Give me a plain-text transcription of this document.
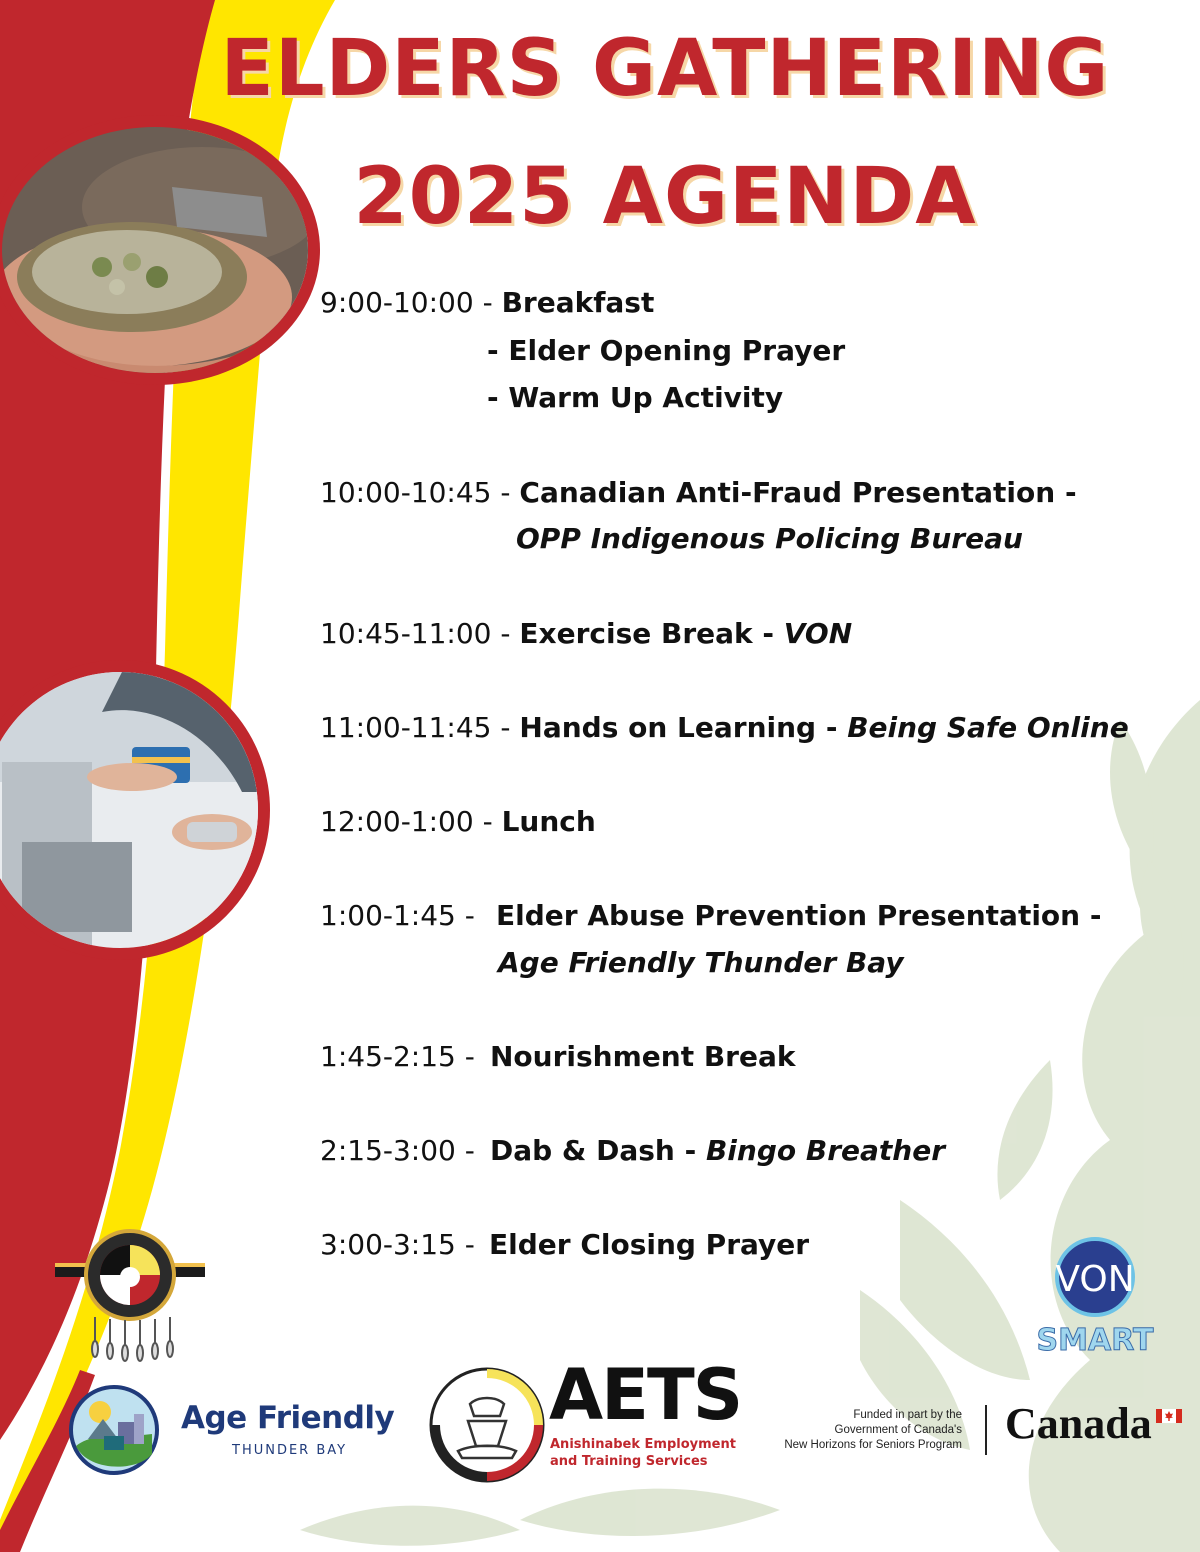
ELDERS GATHERING
2025 AGENDA
9:00-10:00 - Breakfast
- Elder Opening Prayer
- Warm Up Activity
10:00-10:45 - Canadian Anti-Fraud Presentation -
OPP Indigenous Policing Bureau
10:45-11:00 - Exercise Break - VON
11:00-11:45 - Hands on Learning - Being Safe Online
12:00-1:00 - Lunch
1:00-1:45 -Elder Abuse Prevention Presentation -
Age Friendly Thunder Bay
1:45-2:15 -Nourishment Break
2:15-3:00 -Dab & Dash - Bingo Breather
3:00-3:15 -Elder Closing Prayer
VON
SMART
Age Friendly
THUNDER BAY
AETS
Anishinabek Employment
and Training Services
Funded in part by the
Government of Canada's
New Horizons for Seniors Program Canada
